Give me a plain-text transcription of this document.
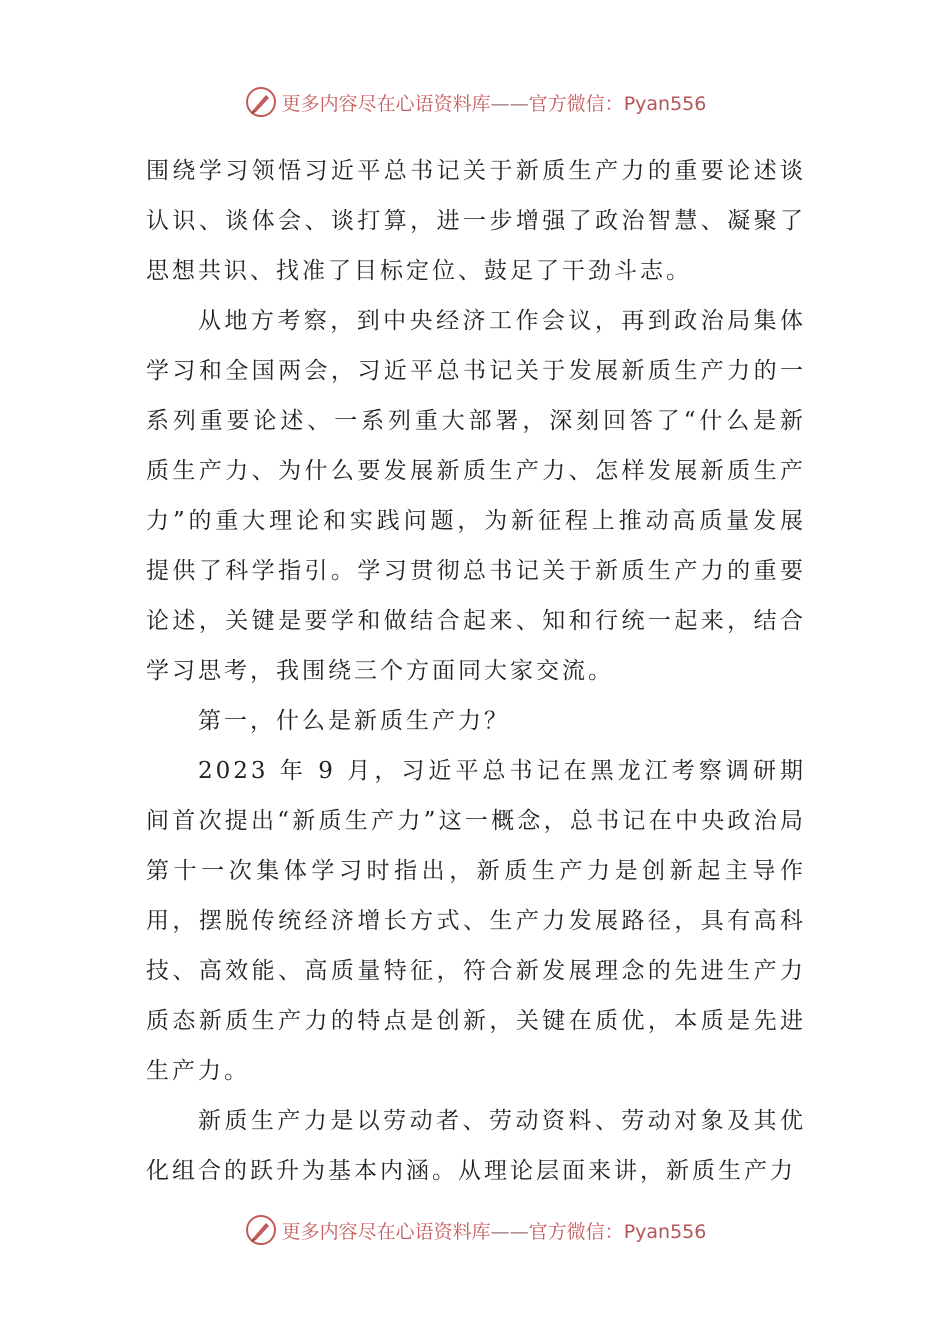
更多内容尽在心语资料库——官方微信：Pyan556

围绕学习领悟习近平总书记关于新质生产力的重要论述谈认识、谈体会、谈打算，进一步增强了政治智慧、凝聚了思想共识、找准了目标定位、鼓足了干劲斗志。

从地方考察，到中央经济工作会议，再到政治局集体学习和全国两会，习近平总书记关于发展新质生产力的一系列重要论述、一系列重大部署，深刻回答了“什么是新质生产力、为什么要发展新质生产力、怎样发展新质生产力”的重大理论和实践问题，为新征程上推动高质量发展提供了科学指引。学习贯彻总书记关于新质生产力的重要论述，关键是要学和做结合起来、知和行统一起来，结合学习思考，我围绕三个方面同大家交流。

第一，什么是新质生产力？

2023 年 9 月，习近平总书记在黑龙江考察调研期间首次提出“新质生产力”这一概念，总书记在中央政治局第十一次集体学习时指出，新质生产力是创新起主导作用，摆脱传统经济增长方式、生产力发展路径，具有高科技、高效能、高质量特征，符合新发展理念的先进生产力质态新质生产力的特点是创新，关键在质优，本质是先进生产力。

新质生产力是以劳动者、劳动资料、劳动对象及其优化组合的跃升为基本内涵。从理论层面来讲，新质生产力

更多内容尽在心语资料库——官方微信：Pyan556
